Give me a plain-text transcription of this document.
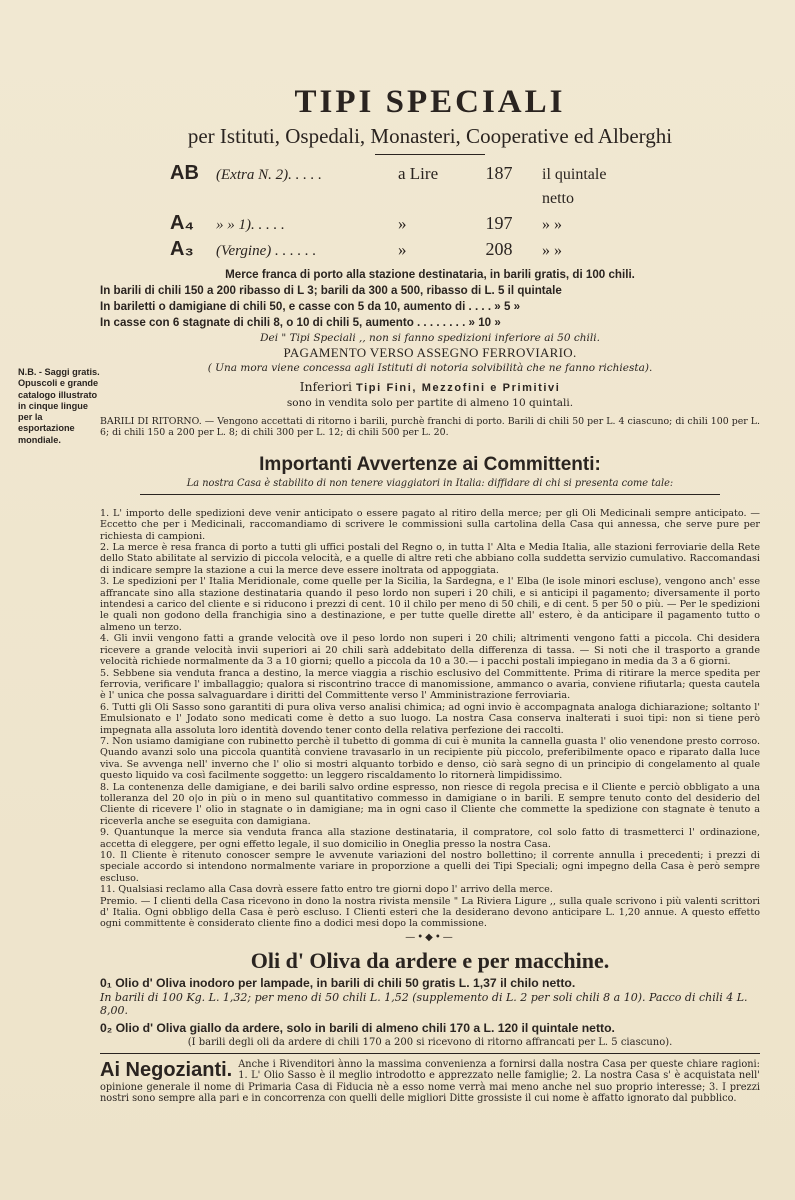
N.B. - Saggi gratis. Opuscoli e grande catalogo illustrato in cinque lingue per la esportazione mondiale.
TIPI SPECIALI

per Istituti, Ospedali, Monasteri, Cooperative ed Alberghi

AB	(Extra N. 2). . . . .	a Lire	187	il quintale netto
A₄	» » 1). . . . .	»	197	» »
A₃	(Vergine) . . . . . .	»	208	» »

Merce franca di porto alla stazione destinataria, in barili gratis, di 100 chili.

In barili di chili 150 a 200 ribasso di L 3; barili da 300 a 500, ribasso di L. 5 il quintale

In bariletti o damigiane di chili 50, e casse con 5 da 10, aumento di . . . . » 5 »

In casse con 6 stagnate di chili 8, o 10 di chili 5, aumento . . . . . . . . » 10 »

Dei " Tipi Speciali ,, non si fanno spedizioni inferiore ai 50 chili.

PAGAMENTO VERSO ASSEGNO FERROVIARIO.

( Una mora viene concessa agli Istituti di notoria solvibilità che ne fanno richiesta).

Inferiori Tipi Fini, Mezzofini e Primitivi

sono in vendita solo per partite di almeno 10 quintali.

BARILI DI RITORNO. — Vengono accettati di ritorno i barili, purchè franchi di porto. Barili di chili 50 per L. 4 ciascuno; di chili 100 per L. 6; di chili 150 a 200 per L. 8; di chili 300 per L. 12; di chili 500 per L. 20.

Importanti Avvertenze ai Committenti:

La nostra Casa è stabilito di non tenere viaggiatori in Italia: diffidare di chi si presenta come tale:

1. L' importo delle spedizioni deve venir anticipato o essere pagato al ritiro della merce; per gli Oli Medicinali sempre anticipato. — Eccetto che per i Medicinali, raccomandiamo di scrivere le commissioni sulla cartolina della Casa qui annessa, che serve pure per richiesta di campioni.

2. La merce è resa franca di porto a tutti gli uffici postali del Regno o, in tutta l' Alta e Media Italia, alle stazioni ferroviarie della Rete dello Stato abilitate al servizio di piccola velocità, e a quelle di altre reti che abbiano colla suddetta servizio cumulativo. Raccomandasi di indicare sempre la stazione a cui la merce deve essere inoltrata od appoggiata.

3. Le spedizioni per l' Italia Meridionale, come quelle per la Sicilia, la Sardegna, e l' Elba (le isole minori escluse), vengono anch' esse affrancate sino alla stazione destinataria quando il peso lordo non superi i 20 chili, e si anticipi il pagamento; diversamente il porto intendesi a carico del cliente e si riducono i prezzi di cent. 10 il chilo per meno di 50 chili, e di cent. 5 per 50 o più. — Per le spedizioni le quali non godono della franchigia sino a destinazione, e per tutte quelle dirette all' estero, è da anticipare il pagamento tutto o almeno un terzo.

4. Gli invii vengono fatti a grande velocità ove il peso lordo non superi i 20 chili; altrimenti vengono fatti a piccola. Chi desidera ricevere a grande velocità invii superiori ai 20 chili sarà addebitato della differenza di tassa. — Si noti che il trasporto a grande velocità richiede normalmente da 3 a 10 giorni; quello a piccola da 10 a 30.— i pacchi postali impiegano in media da 3 a 6 giorni.

5. Sebbene sia venduta franca a destino, la merce viaggia a rischio esclusivo del Committente. Prima di ritirare la merce spedita per ferrovia, verificare l' imballaggio; qualora si riscontrino tracce di manomissione, ammanco o avaria, conviene rifiutarla; questa cautela è l' unica che possa salvaguardare i diritti del Committente verso l' Amministrazione ferroviaria.

6. Tutti gli Oli Sasso sono garantiti di pura oliva verso analisi chimica; ad ogni invio è accompagnata analoga dichiarazione; soltanto l' Emulsionato e l' Jodato sono medicati come è detto a suo luogo. La nostra Casa conserva inalterati i suoi tipi: non si tiene però impegnata alla assoluta loro identità dovendo tener conto della relativa perfezione dei raccolti.

7. Non usiamo damigiane con rubinetto perchè il tubetto di gomma di cui è munita la cannella guasta l' olio venendone presto corroso. Quando avanzi solo una piccola quantità conviene travasarlo in un recipiente più piccolo, preferibilmente opaco e riparato dalla luce viva. Se avvenga nell' inverno che l' olio si mostri alquanto torbido e denso, ciò sarà segno di un principio di congelamento al quale questo liquido va così facilmente soggetto: un leggero riscaldamento lo ritornerà limpidissimo.

8. La contenenza delle damigiane, e dei barili salvo ordine espresso, non riesce di regola precisa e il Cliente e perciò obbligato a una tolleranza del 20 o|o in più o in meno sul quantitativo commesso in damigiane o in barili. E sempre tenuto conto del desiderio del Cliente di ricevere l' olio in stagnate o in damigiane; ma in ogni caso il Cliente che commette la spedizione con stagnate è tenuto a riceverla anche se eseguita con damigiana.

9. Quantunque la merce sia venduta franca alla stazione destinataria, il compratore, col solo fatto di trasmetterci l' ordinazione, accetta di eleggere, per ogni effetto legale, il suo domicilio in Oneglia presso la nostra Casa.

10. Il Cliente è ritenuto conoscer sempre le avvenute variazioni del nostro bollettino; il corrente annulla i precedenti; i prezzi di speciale accordo si intendono normalmente variare in proporzione a quelli dei Tipi Speciali; ogni impegno della Casa è però sempre escluso.

11. Qualsiasi reclamo alla Casa dovrà essere fatto entro tre giorni dopo l' arrivo della merce.

Premio. — I clienti della Casa ricevono in dono la nostra rivista mensile " La Riviera Ligure ,, sulla quale scrivono i più valenti scrittori d' Italia. Ogni obbligo della Casa è però escluso. I Clienti esteri che la desiderano devono anticipare L. 1,20 annue. A questo effetto ogni committente è considerato cliente fino a dodici mesi dopo la commissione.

—•◆•—

Oli d' Oliva da ardere e per macchine.

0₁ Olio d' Oliva inodoro per lampade, in barili di chili 50 gratis L. 1,37 il chilo netto.

In barili di 100 Kg. L. 1,32; per meno di 50 chili L. 1,52 (supplemento di L. 2 per soli chili 8 a 10). Pacco di chili 4 L. 8,00.

0₂ Olio d' Oliva giallo da ardere, solo in barili di almeno chili 170 a L. 120 il quintale netto.

(I barili degli oli da ardere di chili 170 a 200 si ricevono di ritorno affrancati per L. 5 ciascuno).

Ai Negozianti. Anche i Rivenditori ànno la massima convenienza a fornirsi dalla nostra Casa per queste chiare ragioni: 1. L' Olio Sasso è il meglio introdotto e apprezzato nelle famiglie; 2. La nostra Casa s' è acquistata nell' opinione generale il nome di Primaria Casa di Fiducia nè a esso nome verrà mai meno anche nel suo proprio interesse; 3. I prezzi nostri sono sempre alla pari e in concorrenza con quelli delle migliori Ditte grossiste il cui nome è affatto ignorato dal pubblico.
